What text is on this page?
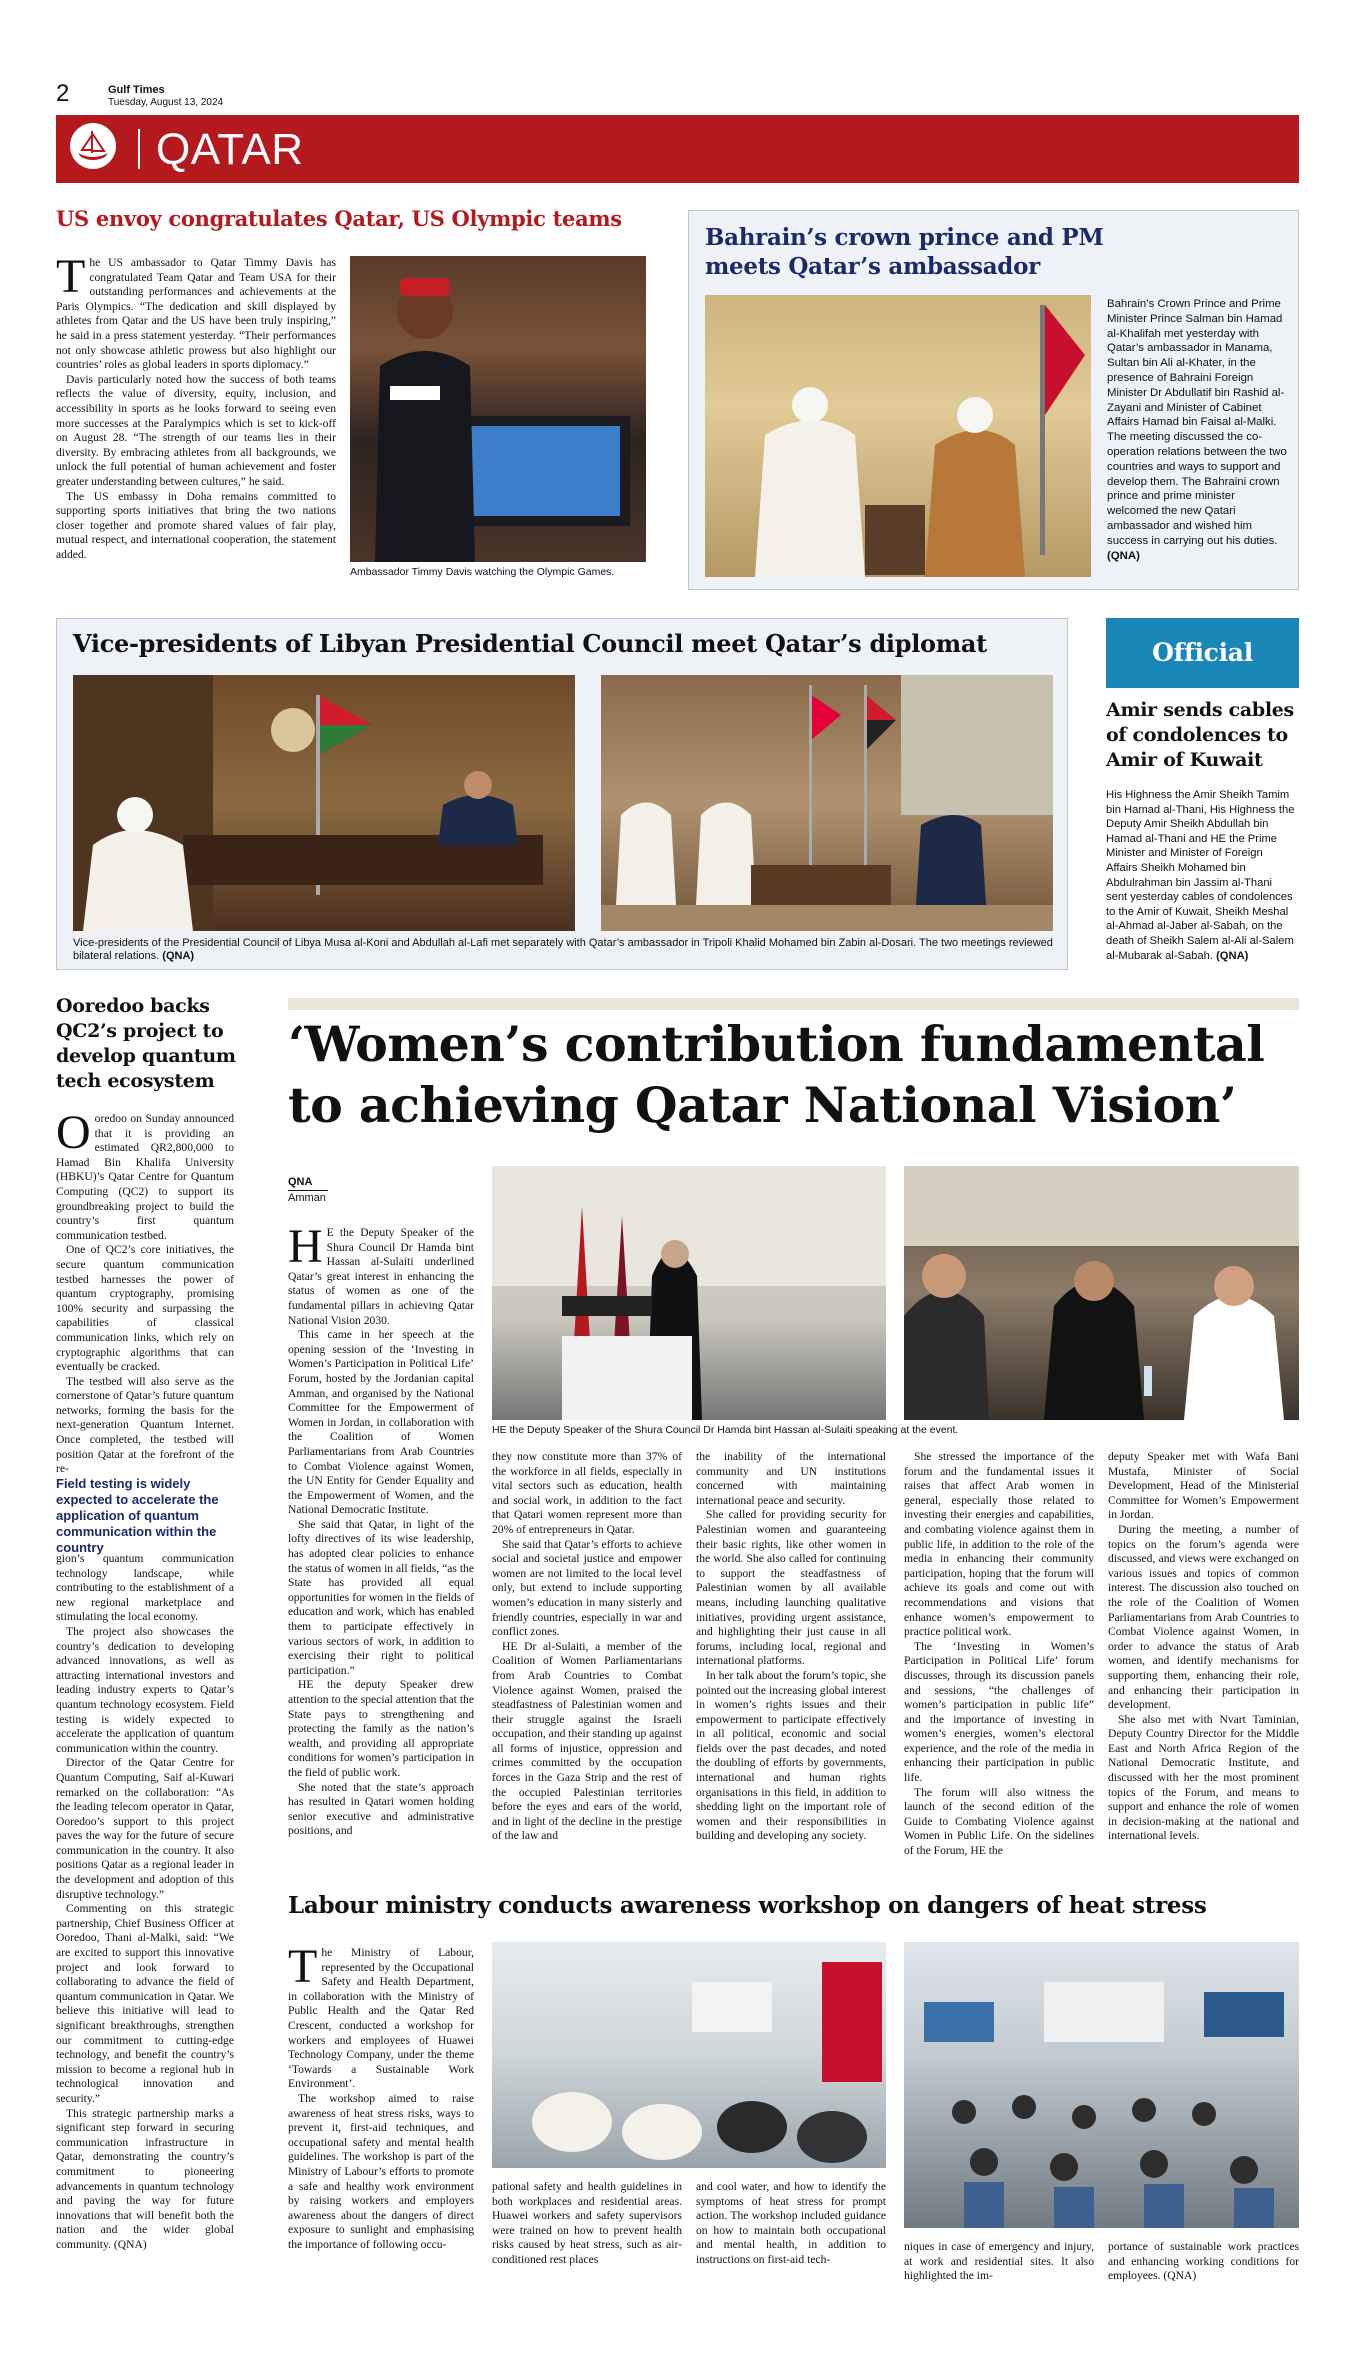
2	Gulf Times
Tuesday, August 13, 2024
QATAR
US envoy congratulates Qatar, US Olympic teams

The US ambassador to Qatar Timmy Davis has congratulated Team Qatar and Team USA for their outstanding performances and achievements at the Paris Olympics. “The dedication and skill displayed by athletes from Qatar and the US have been truly inspiring,” he said in a press statement yesterday. “Their performances not only showcase athletic prowess but also highlight our countries’ roles as global leaders in sports diplomacy.”

Davis particularly noted how the success of both teams reflects the value of diversity, equity, inclusion, and accessibility in sports as he looks forward to seeing even more successes at the Paralympics which is set to kick-off on August 28. “The strength of our teams lies in their diversity. By embracing athletes from all backgrounds, we unlock the full potential of human achievement and foster greater understanding between cultures,” he said.

The US embassy in Doha remains committed to supporting sports initiatives that bring the two nations closer together and promote shared values of fair play, mutual respect, and international cooperation, the statement added.

Ambassador Timmy Davis watching the Olympic Games.
Bahrain’s crown prince and PM meets Qatar’s ambassador
Bahrain’s Crown Prince and Prime Minister Prince Salman bin Hamad al-Khalifah met yesterday with Qatar’s ambassador in Manama, Sultan bin Ali al-Khater, in the presence of Bahraini Foreign Minister Dr Abdullatif bin Rashid al-Zayani and Minister of Cabinet Affairs Hamad bin Faisal al-Malki. The meeting discussed the co-operation relations between the two countries and ways to support and develop them. The Bahraini crown prince and prime minister welcomed the new Qatari ambassador and wished him success in carrying out his duties. (QNA)
Vice-presidents of Libyan Presidential Council meet Qatar’s diplomat
Vice-presidents of the Presidential Council of Libya Musa al-Koni and Abdullah al-Lafi met separately with Qatar’s ambassador in Tripoli Khalid Mohamed bin Zabin al-Dosari. The two meetings reviewed bilateral relations. (QNA)
Official
Amir sends cables of condolences to Amir of Kuwait
His Highness the Amir Sheikh Tamim bin Hamad al-Thani, His Highness the Deputy Amir Sheikh Abdullah bin Hamad al-Thani and HE the Prime Minister and Minister of Foreign Affairs Sheikh Mohamed bin Abdulrahman bin Jassim al-Thani sent yesterday cables of condolences to the Amir of Kuwait, Sheikh Meshal al-Ahmad al-Jaber al-Sabah, on the death of Sheikh Salem al-Ali al-Salem al-Mubarak al-Sabah. (QNA)
Ooredoo backs QC2’s project to develop quantum tech ecosystem

Ooredoo on Sunday announced that it is providing an estimated QR2,800,000 to Hamad Bin Khalifa University (HBKU)’s Qatar Centre for Quantum Computing (QC2) to support its groundbreaking project to build the country’s first quantum communication testbed.

One of QC2’s core initiatives, the secure quantum communication testbed harnesses the power of quantum cryptography, promising 100% security and surpassing the capabilities of classical communication links, which rely on cryptographic algorithms that can eventually be cracked.

The testbed will also serve as the cornerstone of Qatar’s future quantum networks, forming the basis for the next-generation Quantum Internet. Once completed, the testbed will position Qatar at the forefront of the re-

Field testing is widely expected to accelerate the application of quantum communication within the country

gion’s quantum communication technology landscape, while contributing to the establishment of a new regional marketplace and stimulating the local economy.

The project also showcases the country’s dedication to developing advanced innovations, as well as attracting international investors and leading industry experts to Qatar’s quantum technology ecosystem. Field testing is widely expected to accelerate the application of quantum communication within the country.

Director of the Qatar Centre for Quantum Computing, Saif al-Kuwari remarked on the collaboration: “As the leading telecom operator in Qatar, Ooredoo’s support to this project paves the way for the future of secure communication in the country. It also positions Qatar as a regional leader in the development and adoption of this disruptive technology.”

Commenting on this strategic partnership, Chief Business Officer at Ooredoo, Thani al-Malki, said: “We are excited to support this innovative project and look forward to collaborating to advance the field of quantum communication in Qatar. We believe this initiative will lead to significant breakthroughs, strengthen our commitment to cutting-edge technology, and benefit the country’s mission to become a regional hub in technological innovation and security.”

This strategic partnership marks a significant step forward in securing communication infrastructure in Qatar, demonstrating the country’s commitment to pioneering advancements in quantum technology and paving the way for future innovations that will benefit both the nation and the wider global community. (QNA)

‘Women’s contribution fundamental to achieving Qatar National Vision’
QNA
Amman
HE the Deputy Speaker of the Shura Council Dr Hamda bint Hassan al-Sulaiti speaking at the event.

HE the Deputy Speaker of the Shura Council Dr Hamda bint Hassan al-Sulaiti underlined Qatar’s great interest in enhancing the status of women as one of the fundamental pillars in achieving Qatar National Vision 2030.

This came in her speech at the opening session of the ‘Investing in Women’s Participation in Political Life’ Forum, hosted by the Jordanian capital Amman, and organised by the National Committee for the Empowerment of Women in Jordan, in collaboration with the Coalition of Women Parliamentarians from Arab Countries to Combat Violence against Women, the UN Entity for Gender Equality and the Empowerment of Women, and the National Democratic Institute.

She said that Qatar, in light of the lofty directives of its wise leadership, has adopted clear policies to enhance the status of women in all fields, “as the State has provided all equal opportunities for women in the fields of education and work, which has enabled them to participate effectively in various sectors of work, in addition to exercising their right to political participation.”

HE the deputy Speaker drew attention to the special attention that the State pays to strengthening and protecting the family as the nation’s wealth, and providing all appropriate conditions for women’s participation in the field of public work.

She noted that the state’s approach has resulted in Qatari women holding senior executive and administrative positions, and

they now constitute more than 37% of the workforce in all fields, especially in vital sectors such as education, health and social work, in addition to the fact that Qatari women represent more than 20% of entrepreneurs in Qatar.

She said that Qatar’s efforts to achieve social and societal justice and empower women are not limited to the local level only, but extend to include supporting women’s education in many sisterly and friendly countries, especially in war and conflict zones.

HE Dr al-Sulaiti, a member of the Coalition of Women Parliamentarians from Arab Countries to Combat Violence against Women, praised the steadfastness of Palestinian women and their struggle against the Israeli occupation, and their standing up against all forms of injustice, oppression and crimes committed by the occupation forces in the Gaza Strip and the rest of the occupied Palestinian territories before the eyes and ears of the world, and in light of the decline in the prestige of the law and

the inability of the international community and UN institutions concerned with maintaining international peace and security.

She called for providing security for Palestinian women and guaranteeing their basic rights, like other women in the world. She also called for continuing to support the steadfastness of Palestinian women by all available means, including launching qualitative initiatives, providing urgent assistance, and highlighting their just cause in all forums, including local, regional and international platforms.

In her talk about the forum’s topic, she pointed out the increasing global interest in women’s rights issues and their empowerment to participate effectively in all political, economic and social fields over the past decades, and noted the doubling of efforts by governments, international and human rights organisations in this field, in addition to shedding light on the important role of women and their responsibilities in building and developing any society.

She stressed the importance of the forum and the fundamental issues it raises that affect Arab women in general, especially those related to investing their energies and capabilities, and combating violence against them in public life, in addition to the role of the media in enhancing their community participation, hoping that the forum will achieve its goals and come out with recommendations and visions that enhance women’s empowerment to practice political work.

The ‘Investing in Women’s Participation in Political Life’ forum discusses, through its discussion panels and sessions, “the challenges of women’s participation in public life” and the importance of investing in women’s energies, women’s electoral experience, and the role of the media in enhancing their participation in public life.

The forum will also witness the launch of the second edition of the Guide to Combating Violence against Women in Public Life. On the sidelines of the Forum, HE the

deputy Speaker met with Wafa Bani Mustafa, Minister of Social Development, Head of the Ministerial Committee for Women’s Empowerment in Jordan.

During the meeting, a number of topics on the forum’s agenda were discussed, and views were exchanged on various issues and topics of common interest. The discussion also touched on the role of the Coalition of Women Parliamentarians from Arab Countries to Combat Violence against Women, in order to advance the status of Arab women, and identify mechanisms for supporting them, enhancing their role, and enhancing their participation in development.

She also met with Nvart Taminian, Deputy Country Director for the Middle East and North Africa Region of the National Democratic Institute, and discussed with her the most prominent topics of the Forum, and means to support and enhance the role of women in decision-making at the national and international levels.

Labour ministry conducts awareness workshop on dangers of heat stress

The Ministry of Labour, represented by the Occupational Safety and Health Department, in collaboration with the Ministry of Public Health and the Qatar Red Crescent, conducted a workshop for workers and employees of Huawei Technology Company, under the theme ‘Towards a Sustainable Work Environment’.

The workshop aimed to raise awareness of heat stress risks, ways to prevent it, first-aid techniques, and occupational safety and mental health guidelines. The workshop is part of the Ministry of Labour’s efforts to promote a safe and healthy work environment by raising workers and employers awareness about the dangers of direct exposure to sunlight and emphasising the importance of following occu-

pational safety and health guidelines in both workplaces and residential areas. Huawei workers and safety supervisors were trained on how to prevent health risks caused by heat stress, such as air-conditioned rest places
and cool water, and how to identify the symptoms of heat stress for prompt action. The workshop included guidance on how to maintain both occupational and mental health, in addition to instructions on first-aid tech-
niques in case of emergency and injury, at work and residential sites. It also highlighted the im-
portance of sustainable work practices and enhancing working conditions for employees. (QNA)
